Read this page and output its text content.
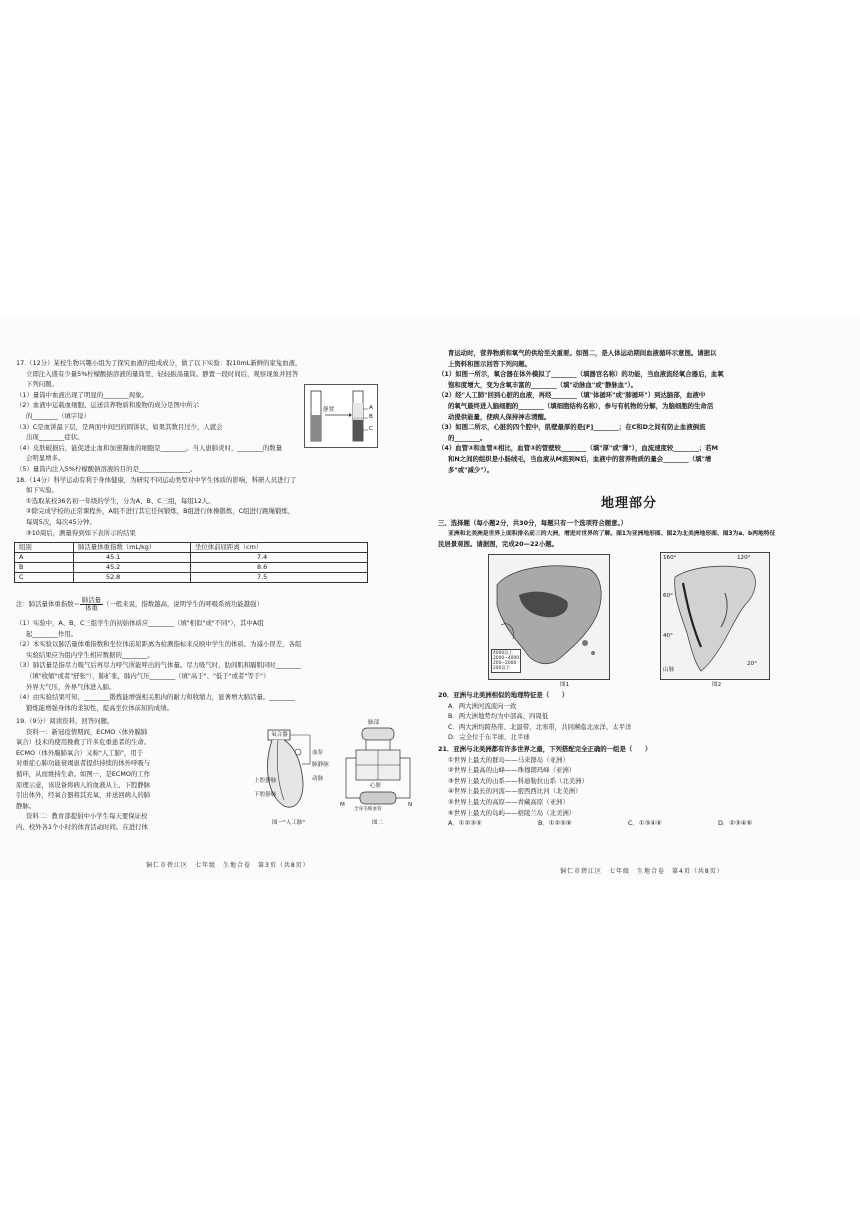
17.（12分）某校生物兴趣小组为了探究血液的组成成分，做了以下实验：取10mL新鲜的家兔血液，
立即注入盛有少量5%柠檬酸钠溶液的量筒里，轻轻振荡量筒。静置一段时间后，观察现象并回答
下列问题。
（1）量筒中血液出现了明显的________现象。
（2）血液中运载血细胞、运送营养物质和废物的成分是图中所示
的________（填字母）
（3）C是血饼最下层，是两面中间凹的圆饼状，如果其数目过少，人就会
出现________症状。
（4）皮肤破损后，能促进止血和加速凝血的细胞是________。当人患肺炎时，________的数量
会明显增多。
（5）量筒内注入5%柠檬酸钠溶液的目的是________________。
18.（14分）科学运动有利于身体健康，为研究不同运动类型对中学生体质的影响，科研人员进行了
如下实验。
①选取某校36名初一年级的学生，分为A、B、C三组，每组12人。
②除完成学校的正常课程外，A组不进行其它任何锻炼，B组进行体操锻炼，C组进行跳绳锻炼，
每周5次，每次45分钟。
③10周后，测量得到如下表所示的结果
静置	A
B
C
组别	肺活量体重指数（mL/kg）	坐位体前屈距离（cm）
A	45.1	7.4
B	45.2	8.6
C	52.8	7.5
注：肺活量体重指数＝ $\frac{\text{肺活量}}{\text{体重}}$（一般来说，指数越高，说明学生的呼吸系统功能越强）
（1）实验中，A、B、C三组学生的初始体质应________（填"相似"或"不同"），其中A组
起________作用。
（2）本实验以肺活量体重指数和坐位体前屈距离为检测指标来反映中学生的体质。为减小误差，各组
实验结果应为组内学生相应数据的________。
（3）肺活量是指尽力吸气后再尽力呼气所能呼出的气体量。尽力吸气时，肋间肌和膈肌同时________
（填"收缩"或者"舒张"），肺扩张，肺内气压________（填"高于"、"低于"或者"等于"）
外界大气压，外界气体进入肺。
（4）由实验结果可知，________锻炼能增强相关肌肉的耐力和收缩力，显著增大肺活量。________
锻炼能增强身体的柔韧性，提高坐位体前屈的成绩。
19.（9分）阅读资料，回答问题。
资料一：新冠疫情期间，ECMO（体外膜肺
氧合）技术的使用挽救了许多危重患者的生命。
ECMO（体外膜肺氧合）又称"人工肺"，用于
对重症心肺功能衰竭患者提供持续的体外呼吸与
循环，从而维持生命。如图一，是ECMO的工作
原理示意，该设备将病人的血液从上、下腔静脉
引出体外，经氧合器将其充氧，并送回病人的肺
静脉。
资料二：教育部提倡中小学生每天要保证校
内、校外各1个小时的体育活动时间。在进行体
氧合器
血泵
肺静脉
上腔静脉
下腔静脉
动脉
图一"人工肺"
肺部
心脏
M	N
全身毛细血管
图二
铜仁市碧江区　七年级　生地合卷　第3页（共8页）
育运动时，营养物质和氧气的供给至关重要。如图二，是人体运动期间血液循环示意图。请据以
上资料和图示回答下列问题。
（1）如图一所示，氧合器在体外模拟了________（填器官名称）的功能，当血液流经氧合器后，血氧
饱和度增大，变为含氧丰富的________（填"动脉血"或"静脉血"）。
（2）经"人工肺"回到心脏的血液，再经________（填"体循环"或"肺循环"）到达脑部，血液中
的氧气最终进入脑细胞的________（填细胞结构名称），参与有机物的分解，为脑细胞的生命活
动提供能量，使病人保持神志清醒。
（3）如图二所示，心脏的四个腔中，肌壁最厚的是[F]________；在C和D之间有防止血液倒流
的________。
（4）血管③和血管④相比，血管③的管壁较________（填"厚"或"薄"），血流速度较________；若M
和N之间的组织是小肠绒毛，当血液从M流到N后，血液中的营养物质的量会________（填"增
多"或"减少"）。
地理部分
三、选择题（每小题2分，共30分，每题只有一个选项符合题意。）
亚洲和北美洲是世界上面积排名前三的大洲，增进对世界的了解。图1为亚洲地形图、图2为北美洲地形图、图3为a、b两地特征
民居景观图。请据图，完成20—22小题。
4000以上
2000~4000
200~2000
200以下
图1
160°	120°
60°
40°
20°
山脉
图2
20．亚洲与北美洲相似的地理特征是（　　）
A．两大洲河流流向一致
B．两大洲地势均为中部高、四周低
C．两大洲均跨热带、北温带、北寒带，共同濒临北冰洋、太平洋
D．完全位于东半球、北半球
21．亚洲与北美洲都有许多世界之最，下列搭配完全正确的一组是（　　）
①世界上最大的群岛——马来群岛（亚洲）
②世界上最高的山峰——珠穆朗玛峰（亚洲）
③世界上最大的山系——科迪勒拉山系（北美洲）
④世界上最长的河流——密西西比河（北美洲）
⑤世界上最大的高原——青藏高原（亚洲）
⑥世界上最大的岛屿——格陵兰岛（北美洲）
A．①②③⑤	B．①②⑤⑥	C．①③④⑥	D．②③④⑥
铜仁市碧江区　七年级　生地合卷　第4页（共8页）
